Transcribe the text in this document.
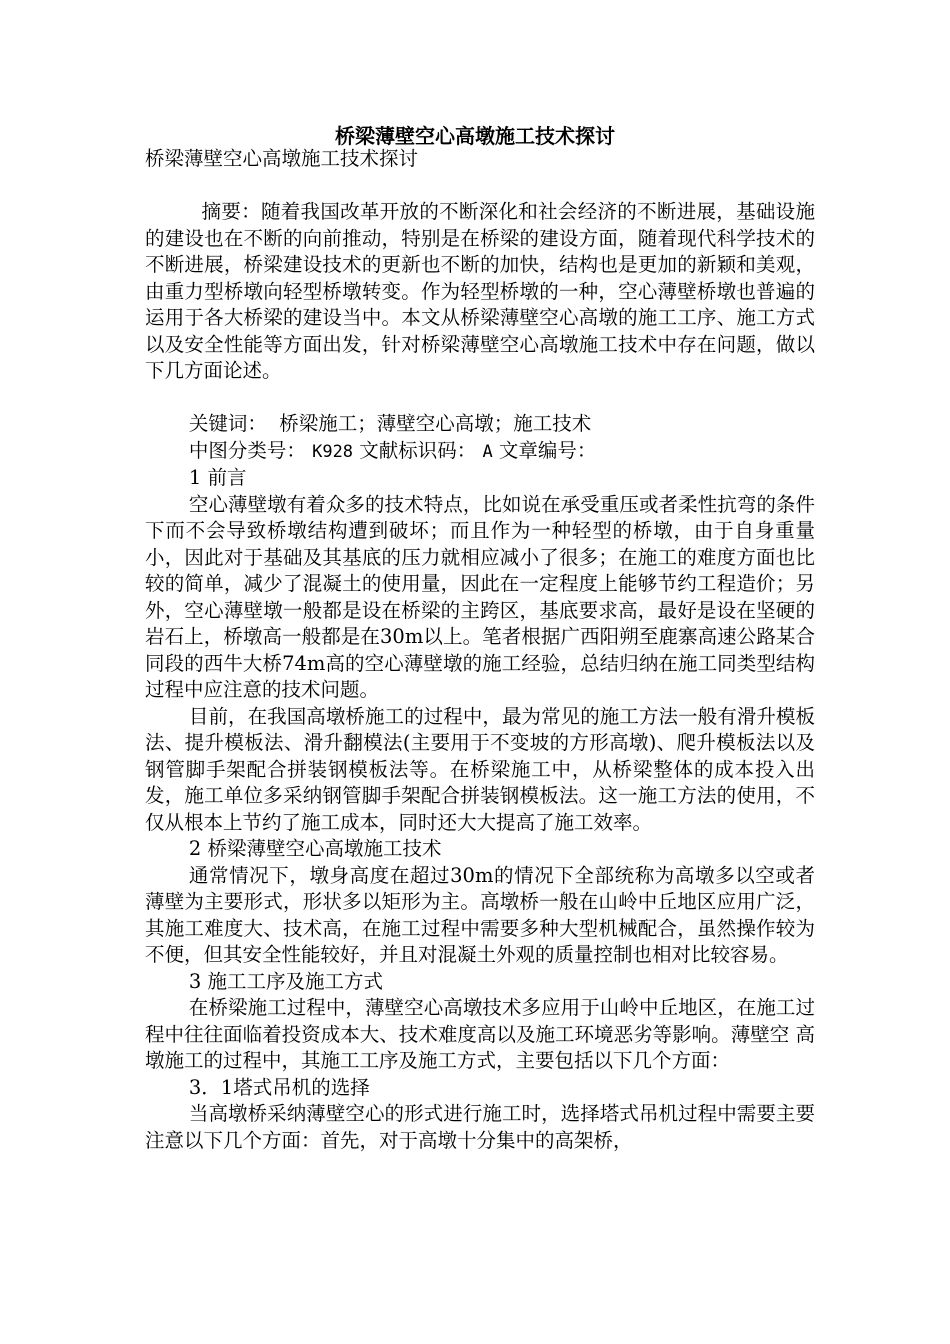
桥梁薄壁空心高墩施工技术探讨

桥梁薄壁空心高墩施工技术探讨

摘要：随着我国改革开放的不断深化和社会经济的不断进展，基础设施的建设也在不断的向前推动，特别是在桥梁的建设方面，随着现代科学技术的不断进展，桥梁建设技术的更新也不断的加快，结构也是更加的新颖和美观，由重力型桥墩向轻型桥墩转变。作为轻型桥墩的一种，空心薄壁桥墩也普遍的运用于各大桥梁的建设当中。本文从桥梁薄壁空心高墩的施工工序、施工方式以及安全性能等方面出发，针对桥梁薄壁空心高墩施工技术中存在问题，做以下几方面论述。

关键词： 桥梁施工；薄壁空心高墩；施工技术

中图分类号： K928 文献标识码： A 文章编号：

1 前言

空心薄壁墩有着众多的技术特点，比如说在承受重压或者柔性抗弯的条件下而不会导致桥墩结构遭到破坏；而且作为一种轻型的桥墩，由于自身重量小，因此对于基础及其基底的压力就相应减小了很多；在施工的难度方面也比较的简单，减少了混凝土的使用量，因此在一定程度上能够节约工程造价；另外，空心薄壁墩一般都是设在桥梁的主跨区，基底要求高，最好是设在坚硬的岩石上，桥墩高一般都是在30m以上。笔者根据广西阳朔至鹿寨高速公路某合同段的西牛大桥74m高的空心薄壁墩的施工经验，总结归纳在施工同类型结构过程中应注意的技术问题。

目前，在我国高墩桥施工的过程中，最为常见的施工方法一般有滑升模板法、提升模板法、滑升翻模法(主要用于不变坡的方形高墩)、爬升模板法以及钢管脚手架配合拼装钢模板法等。在桥梁施工中，从桥梁整体的成本投入出发，施工单位多采纳钢管脚手架配合拼装钢模板法。这一施工方法的使用，不仅从根本上节约了施工成本，同时还大大提高了施工效率。

2 桥梁薄壁空心高墩施工技术

通常情况下，墩身高度在超过30m的情况下全部统称为高墩多以空或者薄壁为主要形式，形状多以矩形为主。高墩桥一般在山岭中丘地区应用广泛，其施工难度大、技术高，在施工过程中需要多种大型机械配合，虽然操作较为不便，但其安全性能较好，并且对混凝土外观的质量控制也相对比较容易。

3 施工工序及施工方式

在桥梁施工过程中，薄壁空心高墩技术多应用于山岭中丘地区，在施工过程中往往面临着投资成本大、技术难度高以及施工环境恶劣等影响。薄壁空 高墩施工的过程中，其施工工序及施工方式，主要包括以下几个方面：

3．1塔式吊机的选择

当高墩桥采纳薄壁空心的形式进行施工时，选择塔式吊机过程中需要主要注意以下几个方面：首先，对于高墩十分集中的高架桥，
